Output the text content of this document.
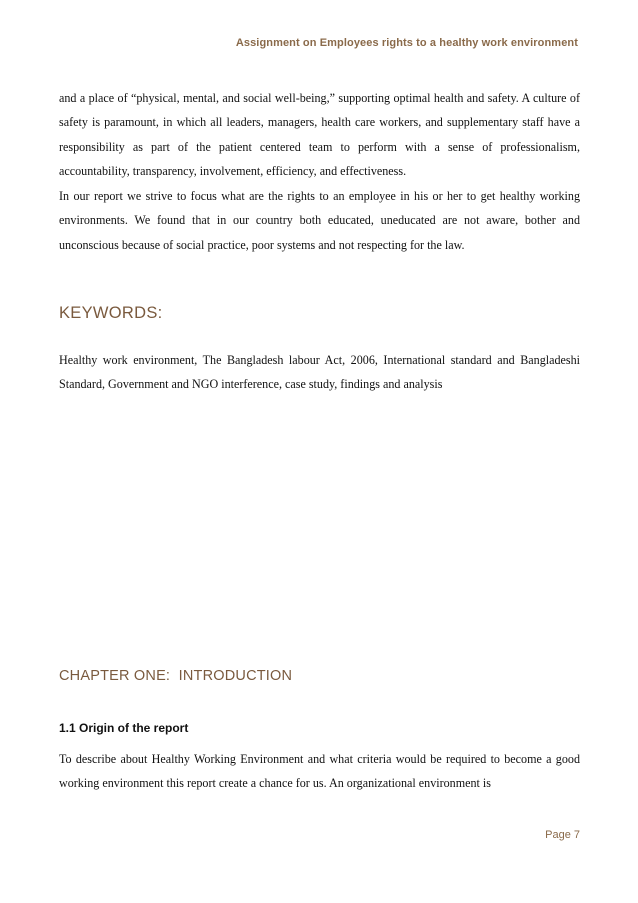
Assignment on Employees rights to a healthy work environment

and a place of “physical, mental, and social well-being,” supporting optimal health and safety. A culture of safety is paramount, in which all leaders, managers, health care workers, and supplementary staff have a responsibility as part of the patient centered team to perform with a sense of professionalism, accountability, transparency, involvement, efficiency, and effectiveness.

In our report we strive to focus what are the rights to an employee in his or her to get healthy working environments. We found that in our country both educated, uneducated are not aware, bother and unconscious because of social practice, poor systems and not respecting for the law.

KEYWORDS:

Healthy work environment, The Bangladesh labour Act, 2006, International standard and Bangladeshi Standard, Government and NGO interference, case study, findings and analysis

CHAPTER ONE:  INTRODUCTION
1.1 Origin of the report

To describe about Healthy Working Environment and what criteria would be required to become a good working environment this report create a chance for us. An organizational environment is

Page 7
